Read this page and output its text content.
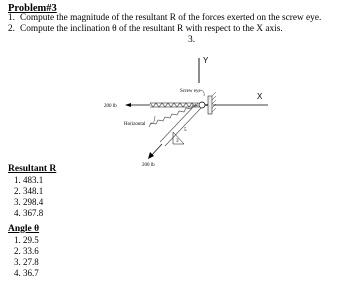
Problem#3
1. Compute the magnitude of the resultant R of the forces exerted on the screw eye.
2. Compute the inclination θ of the resultant R with respect to the X axis.
3.
Y
X
Screw eye
200 lb
Horizontal
200 lb
5
3
Resultant R
1. 483.1
2. 348.1
3. 298.4
4. 367.8
Angle θ
1. 29.5
2. 33.6
3. 27.8
4. 36.7
